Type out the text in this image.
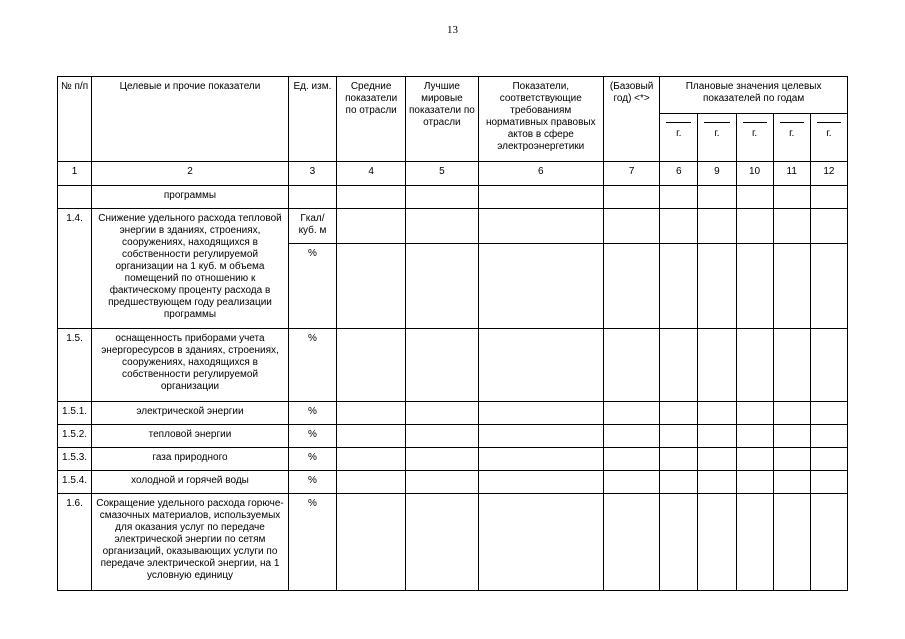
13
№ п/п	Целевые и прочие показатели	Ед. изм.	Средние показатели по отрасли	Лучшие мировые показатели по отрасли	Показатели, соответствующие требованиям нормативных правовых актов в сфере электроэнергетики	(Базовый год) <*>	Плановые значения целевых показателей по годам				

							г.	г.	г.	г.	г.

1	2	3	4	5	6	7	6	9	10	11	12
	программы										
1.4.	Снижение удельного расхода тепловой энергии в зданиях, строениях, сооружениях, находящихся в собственности регулируемой организации на 1 куб. м объема помещений по отношению к фактическому проценту расхода в предшествующем году реализации программы	Гкал/ куб. м									
		%									
1.5.	оснащенность приборами учета энергоресурсов в зданиях, строениях, сооружениях, находящихся в собственности регулируемой организации	%									
1.5.1.	электрической энергии	%									
1.5.2.	тепловой энергии	%									
1.5.3.	газа природного	%									
1.5.4.	холодной и горячей воды	%									
1.6.	Сокращение удельного расхода горюче-смазочных материалов, используемых для оказания услуг по передаче электрической энергии по сетям организаций, оказывающих услуги по передаче электрической энергии, на 1 условную единицу	%									
